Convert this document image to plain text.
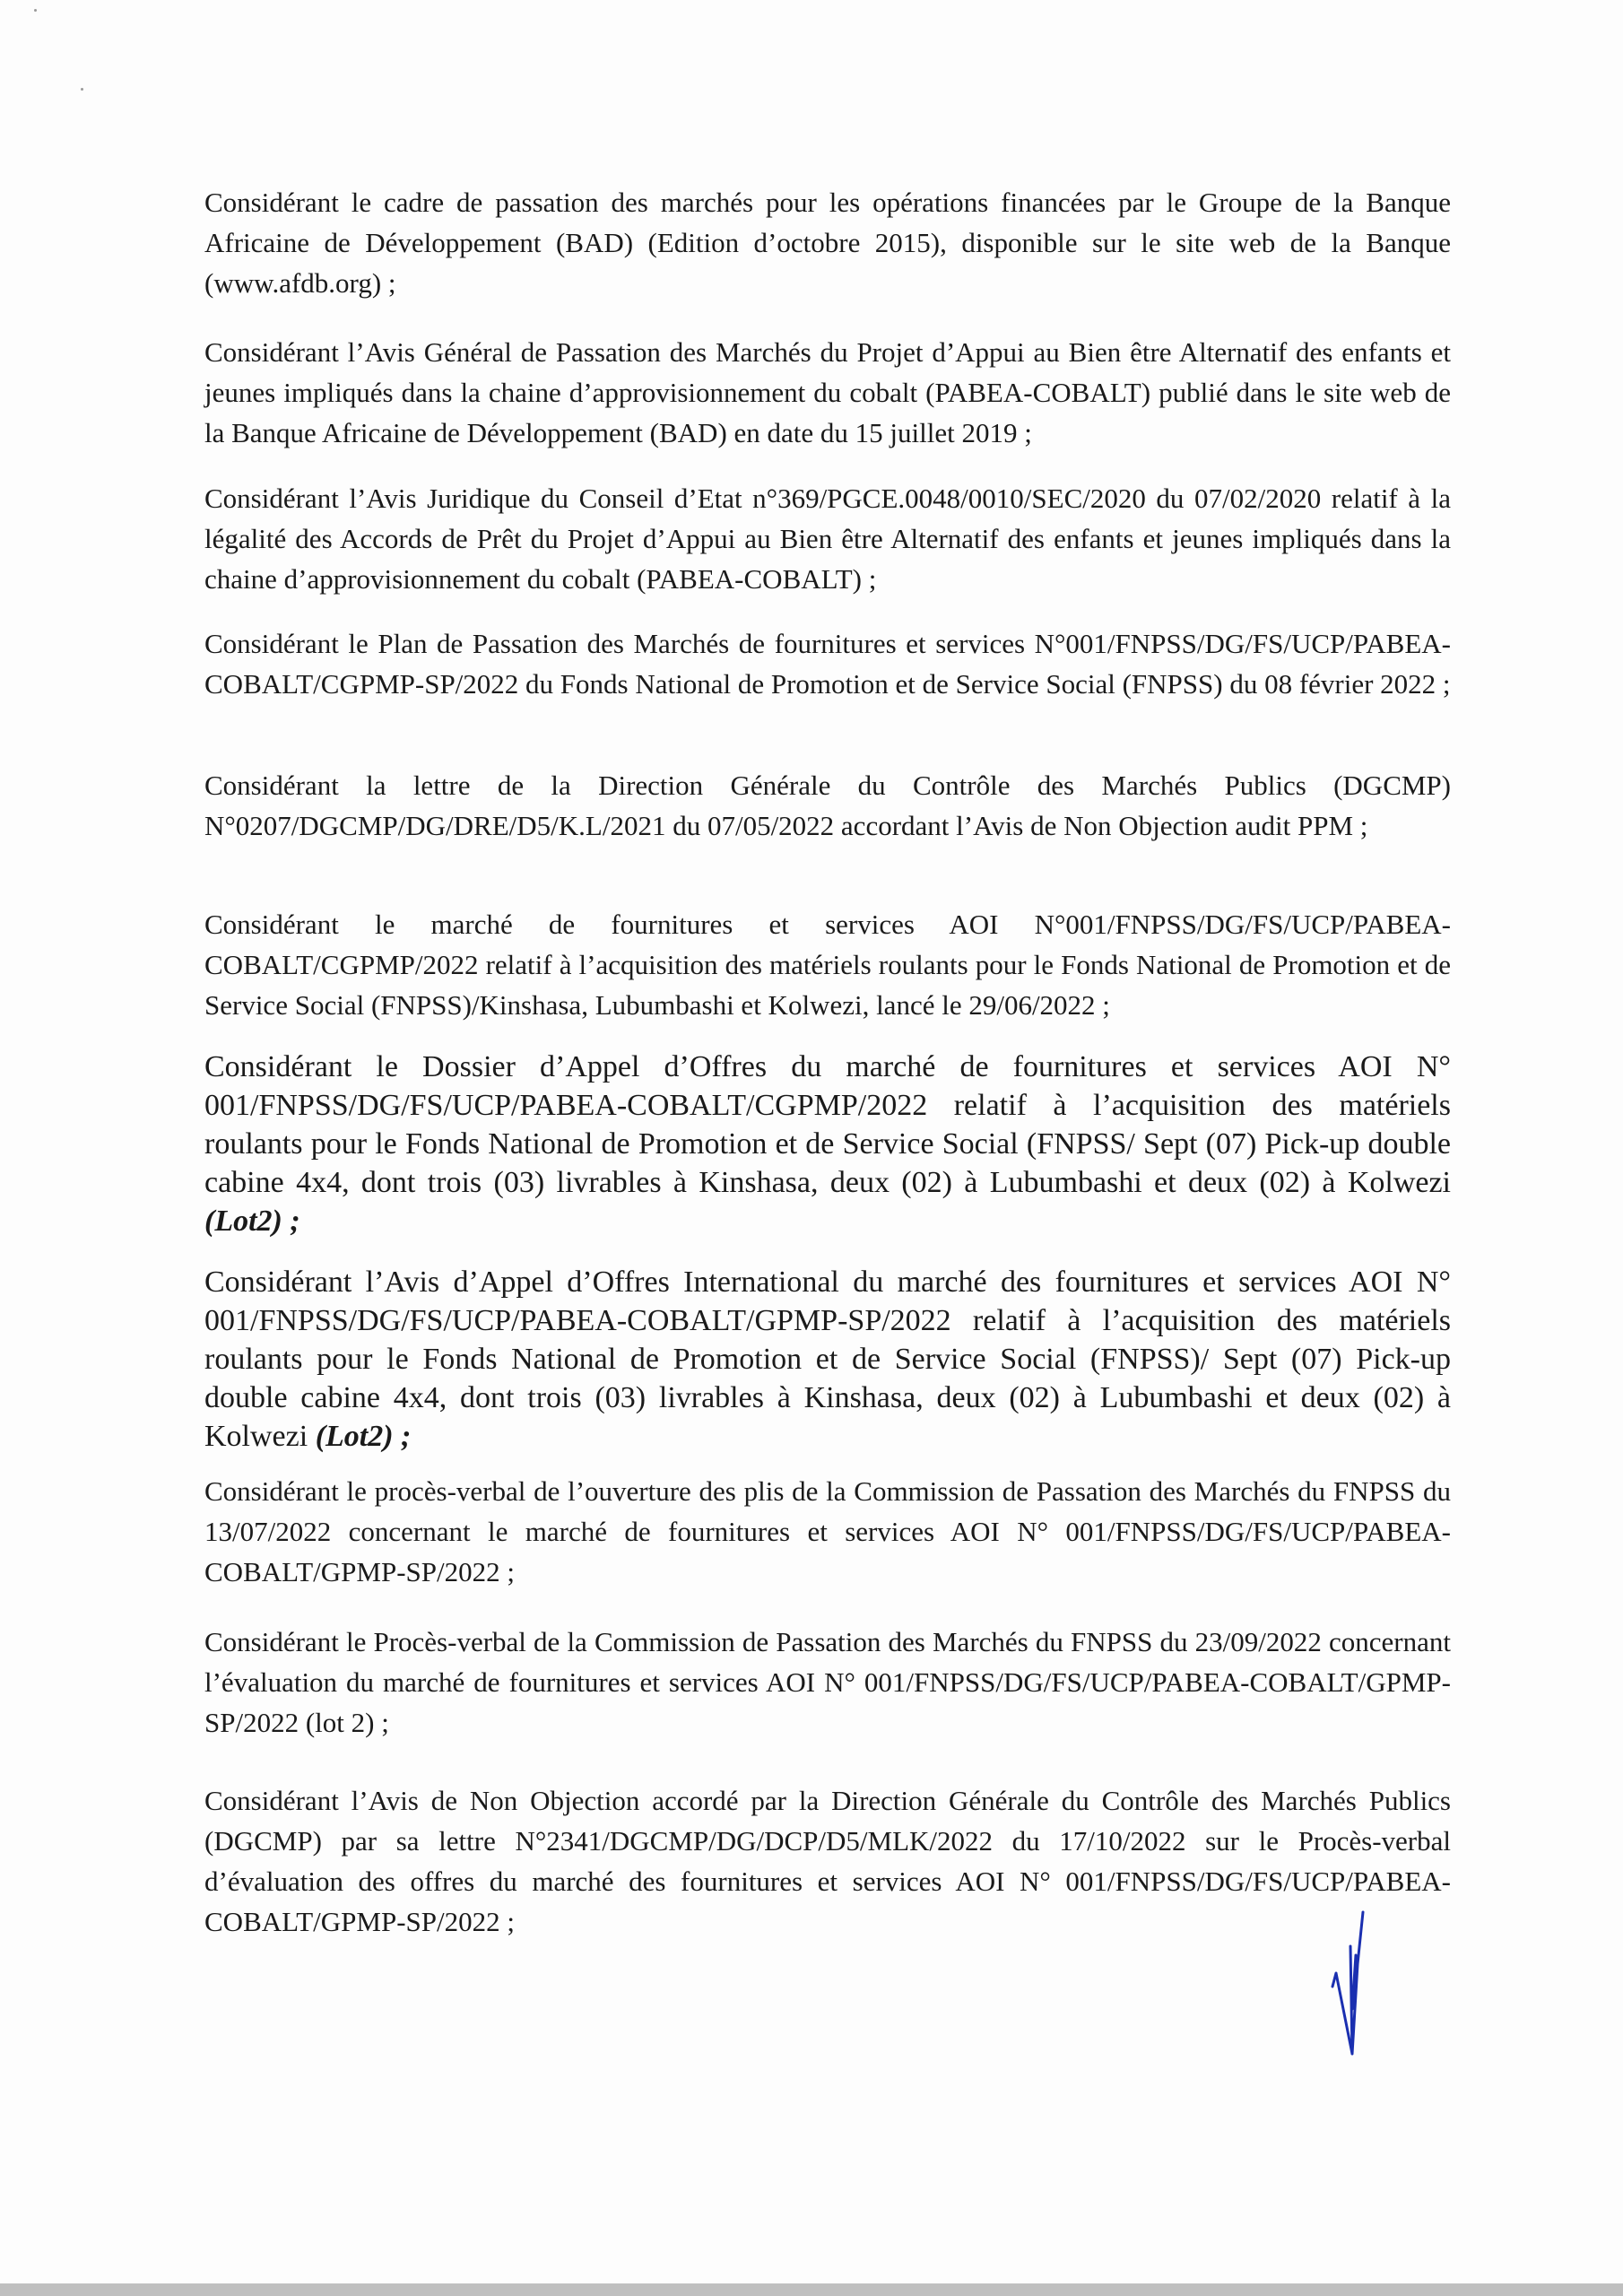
Considérant le cadre de passation des marchés pour les opérations financées par le Groupe de la Banque Africaine de Développement (BAD) (Edition d’octobre 2015), disponible sur le site web de la Banque (www.afdb.org) ;

Considérant l’Avis Général de Passation des Marchés du Projet d’Appui au Bien être Alternatif des enfants et jeunes impliqués dans la chaine d’approvisionnement du cobalt (PABEA-COBALT) publié dans le site web de la Banque Africaine de Développement (BAD) en date du 15 juillet 2019 ;

Considérant l’Avis Juridique du Conseil d’Etat n°369/PGCE.0048/0010/SEC/2020 du 07/02/2020 relatif à la légalité des Accords de Prêt du Projet d’Appui au Bien être Alternatif des enfants et jeunes impliqués dans la chaine d’approvisionnement du cobalt (PABEA-COBALT) ;

Considérant le Plan de Passation des Marchés de fournitures et services N°001/FNPSS/DG/FS/UCP/PABEA-COBALT/CGPMP-SP/2022 du Fonds National de Promotion et de Service Social (FNPSS) du 08 février 2022 ;

Considérant la lettre de la Direction Générale du Contrôle des Marchés Publics (DGCMP) N°0207/DGCMP/DG/DRE/D5/K.L/2021 du 07/05/2022 accordant l’Avis de Non Objection audit PPM ;

Considérant le marché de fournitures et services AOI N°001/FNPSS/DG/FS/UCP/PABEA-COBALT/CGPMP/2022 relatif à l’acquisition des matériels roulants pour le Fonds National de Promotion et de Service Social (FNPSS)/Kinshasa, Lubumbashi et Kolwezi, lancé le 29/06/2022 ;

Considérant le Dossier d’Appel d’Offres du marché de fournitures et services AOI N° 001/FNPSS/DG/FS/UCP/PABEA-COBALT/CGPMP/2022 relatif à l’acquisition des matériels roulants pour le Fonds National de Promotion et de Service Social (FNPSS/ Sept (07) Pick-up double cabine 4x4, dont trois (03) livrables à Kinshasa, deux (02) à Lubumbashi et deux (02) à Kolwezi (Lot2) ;

Considérant l’Avis d’Appel d’Offres International du marché des fournitures et services AOI N° 001/FNPSS/DG/FS/UCP/PABEA-COBALT/GPMP-SP/2022 relatif à l’acquisition des matériels roulants pour le Fonds National de Promotion et de Service Social (FNPSS)/ Sept (07) Pick-up double cabine 4x4, dont trois (03) livrables à Kinshasa, deux (02) à Lubumbashi et deux (02) à Kolwezi (Lot2) ;

Considérant le procès-verbal de l’ouverture des plis de la Commission de Passation des Marchés du FNPSS du 13/07/2022 concernant le marché de fournitures et services AOI N° 001/FNPSS/DG/FS/UCP/PABEA-COBALT/GPMP-SP/2022 ;

Considérant le Procès-verbal de la Commission de Passation des Marchés du FNPSS du 23/09/2022 concernant l’évaluation du marché de fournitures et services AOI N° 001/FNPSS/DG/FS/UCP/PABEA-COBALT/GPMP-SP/2022 (lot 2) ;

Considérant l’Avis de Non Objection accordé par la Direction Générale du Contrôle des Marchés Publics (DGCMP) par sa lettre N°2341/DGCMP/DG/DCP/D5/MLK/2022 du 17/10/2022 sur le Procès-verbal d’évaluation des offres du marché des fournitures et services AOI N° 001/FNPSS/DG/FS/UCP/PABEA-COBALT/GPMP-SP/2022 ;
